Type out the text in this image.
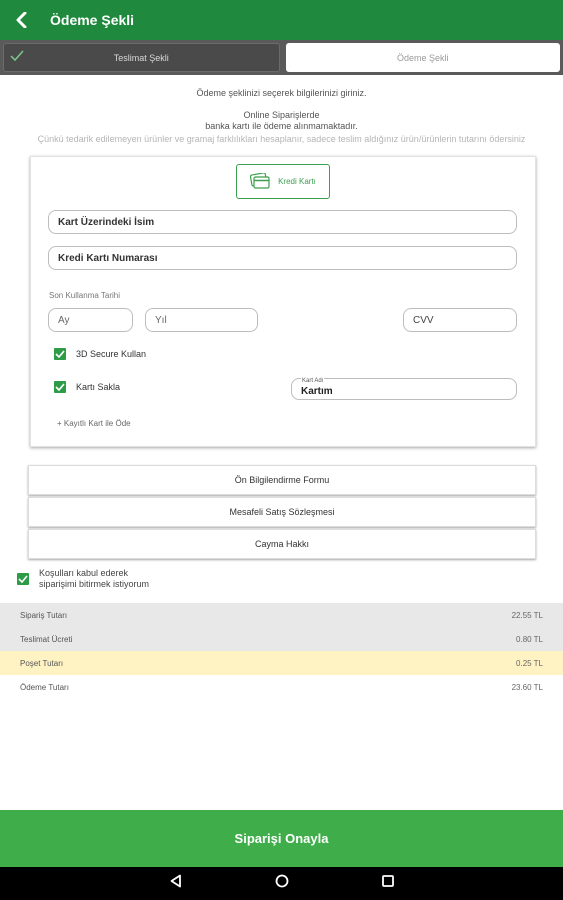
Ödeme Şekli
Teslimat Şekli	Ödeme Şekli
Ödeme şeklinizi seçerek bilgilerinizi giriniz.
Online Siparişlerde
banka kartı ile ödeme alınmamaktadır.
Çünkü tedarik edilemeyen ürünler ve gramaj farklılıkları hesaplanır, sadece teslim aldığınız ürün/ürünlerin tutarını ödersiniz
Kredi Kartı
Kart Üzerindeki İsim
Kredi Kartı Numarası
Son Kullanma Tarihi
Ay	Yıl	CVV
3D Secure Kullan
Kartı Sakla
Kart Adı
Kartım
+ Kayıtlı Kart ile Öde
Ön Bilgilendirme Formu
Mesafeli Satış Sözleşmesi
Cayma Hakkı
Koşulları kabul ederek
siparişimi bitirmek istiyorum
Sipariş Tutarı	22.55 TL
Teslimat Ücreti	0.80 TL
Poşet Tutarı	0.25 TL
Ödeme Tutarı	23.60 TL
Siparişi Onayla
